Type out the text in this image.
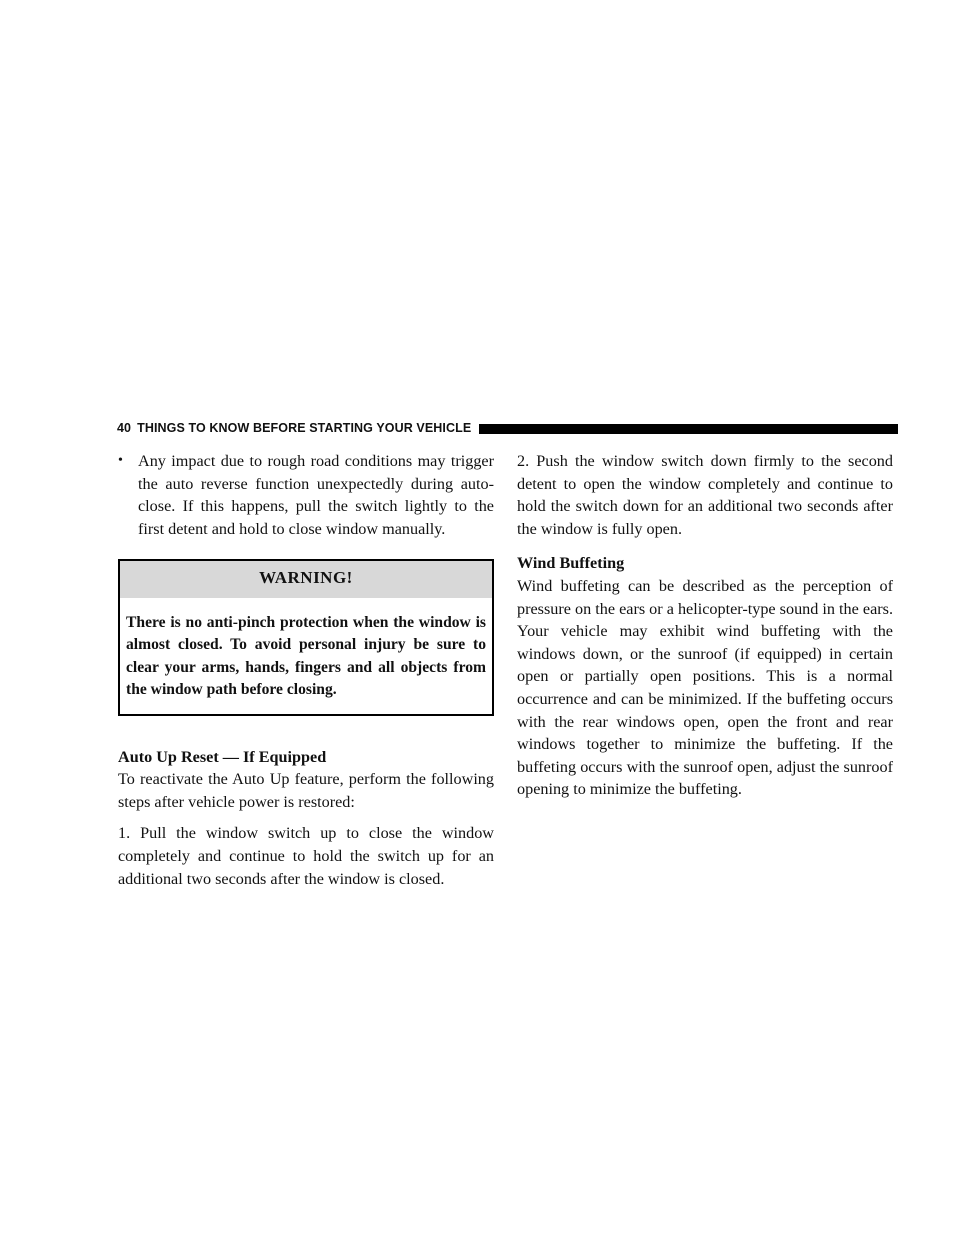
40 THINGS TO KNOW BEFORE STARTING YOUR VEHICLE
• Any impact due to rough road conditions may trigger the auto reverse function unexpectedly during auto-close. If this happens, pull the switch lightly to the first detent and hold to close window manually.
WARNING!
There is no anti-pinch protection when the window is almost closed. To avoid personal injury be sure to clear your arms, hands, fingers and all objects from the window path before closing.

Auto Up Reset — If Equipped

To reactivate the Auto Up feature, perform the following steps after vehicle power is restored:

1. Pull the window switch up to close the window completely and continue to hold the switch up for an additional two seconds after the window is closed.

2. Push the window switch down firmly to the second detent to open the window completely and continue to hold the switch down for an additional two seconds after the window is fully open.

Wind Buffeting

Wind buffeting can be described as the perception of pressure on the ears or a helicopter-type sound in the ears. Your vehicle may exhibit wind buffeting with the windows down, or the sunroof (if equipped) in certain open or partially open positions. This is a normal occurrence and can be minimized. If the buffeting occurs with the rear windows open, open the front and rear windows together to minimize the buffeting. If the buffeting occurs with the sunroof open, adjust the sunroof opening to minimize the buffeting.
